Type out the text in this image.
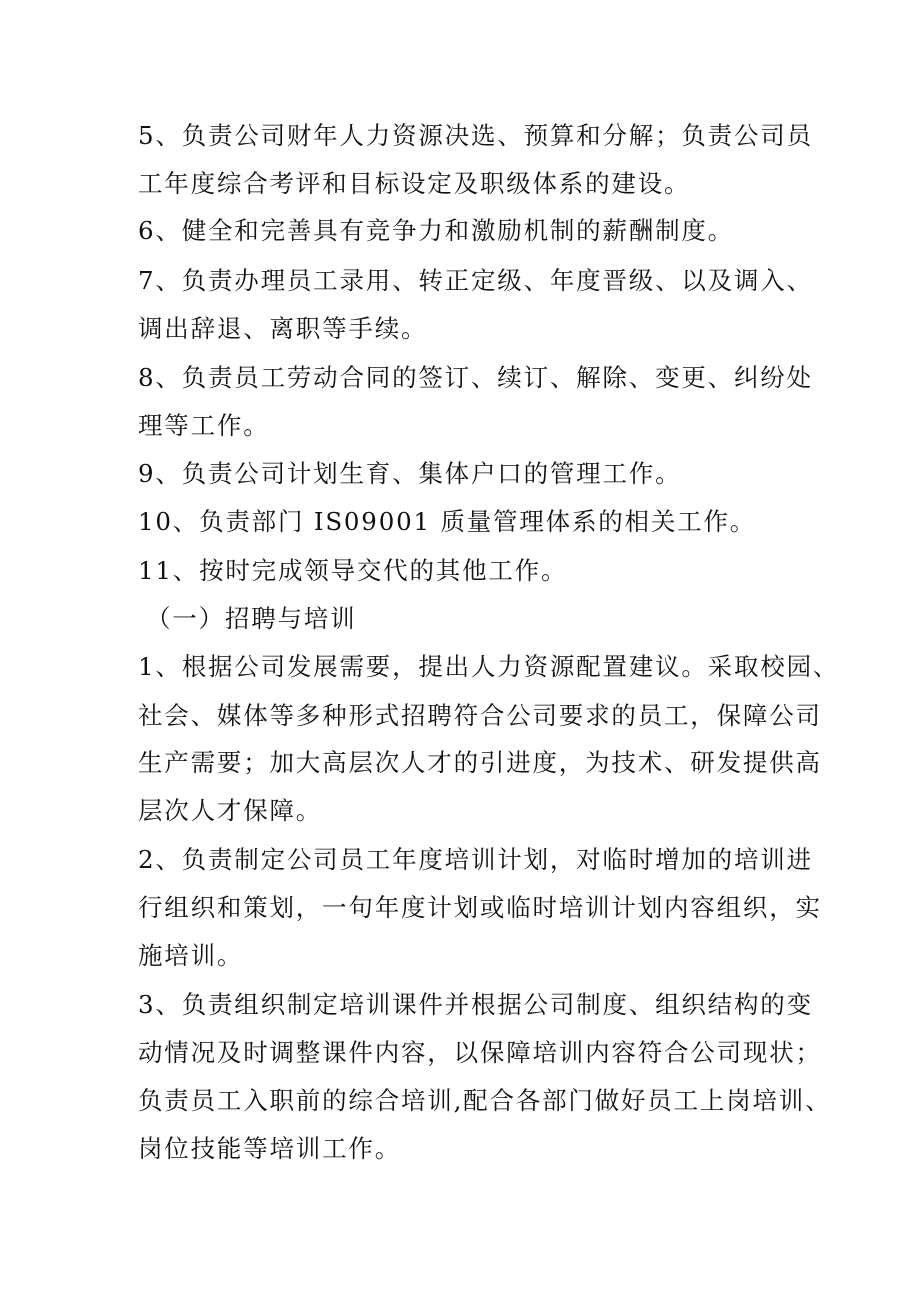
5、负责公司财年人力资源决选、预算和分解；负责公司员
工年度综合考评和目标设定及职级体系的建设。
6、健全和完善具有竞争力和激励机制的薪酬制度。
7、负责办理员工录用、转正定级、年度晋级、以及调入、
调出辞退、离职等手续。
8、负责员工劳动合同的签订、续订、解除、变更、纠纷处
理等工作。
9、负责公司计划生育、集体户口的管理工作。
10、负责部门 IS09001 质量管理体系的相关工作。
11、按时完成领导交代的其他工作。
（一）招聘与培训
1、根据公司发展需要，提出人力资源配置建议。采取校园、
社会、媒体等多种形式招聘符合公司要求的员工，保障公司
生产需要；加大高层次人才的引进度，为技术、研发提供高
层次人才保障。
2、负责制定公司员工年度培训计划，对临时增加的培训进
行组织和策划，一句年度计划或临时培训计划内容组织，实
施培训。
3、负责组织制定培训课件并根据公司制度、组织结构的变
动情况及时调整课件内容，以保障培训内容符合公司现状；
负责员工入职前的综合培训,配合各部门做好员工上岗培训、
岗位技能等培训工作。
